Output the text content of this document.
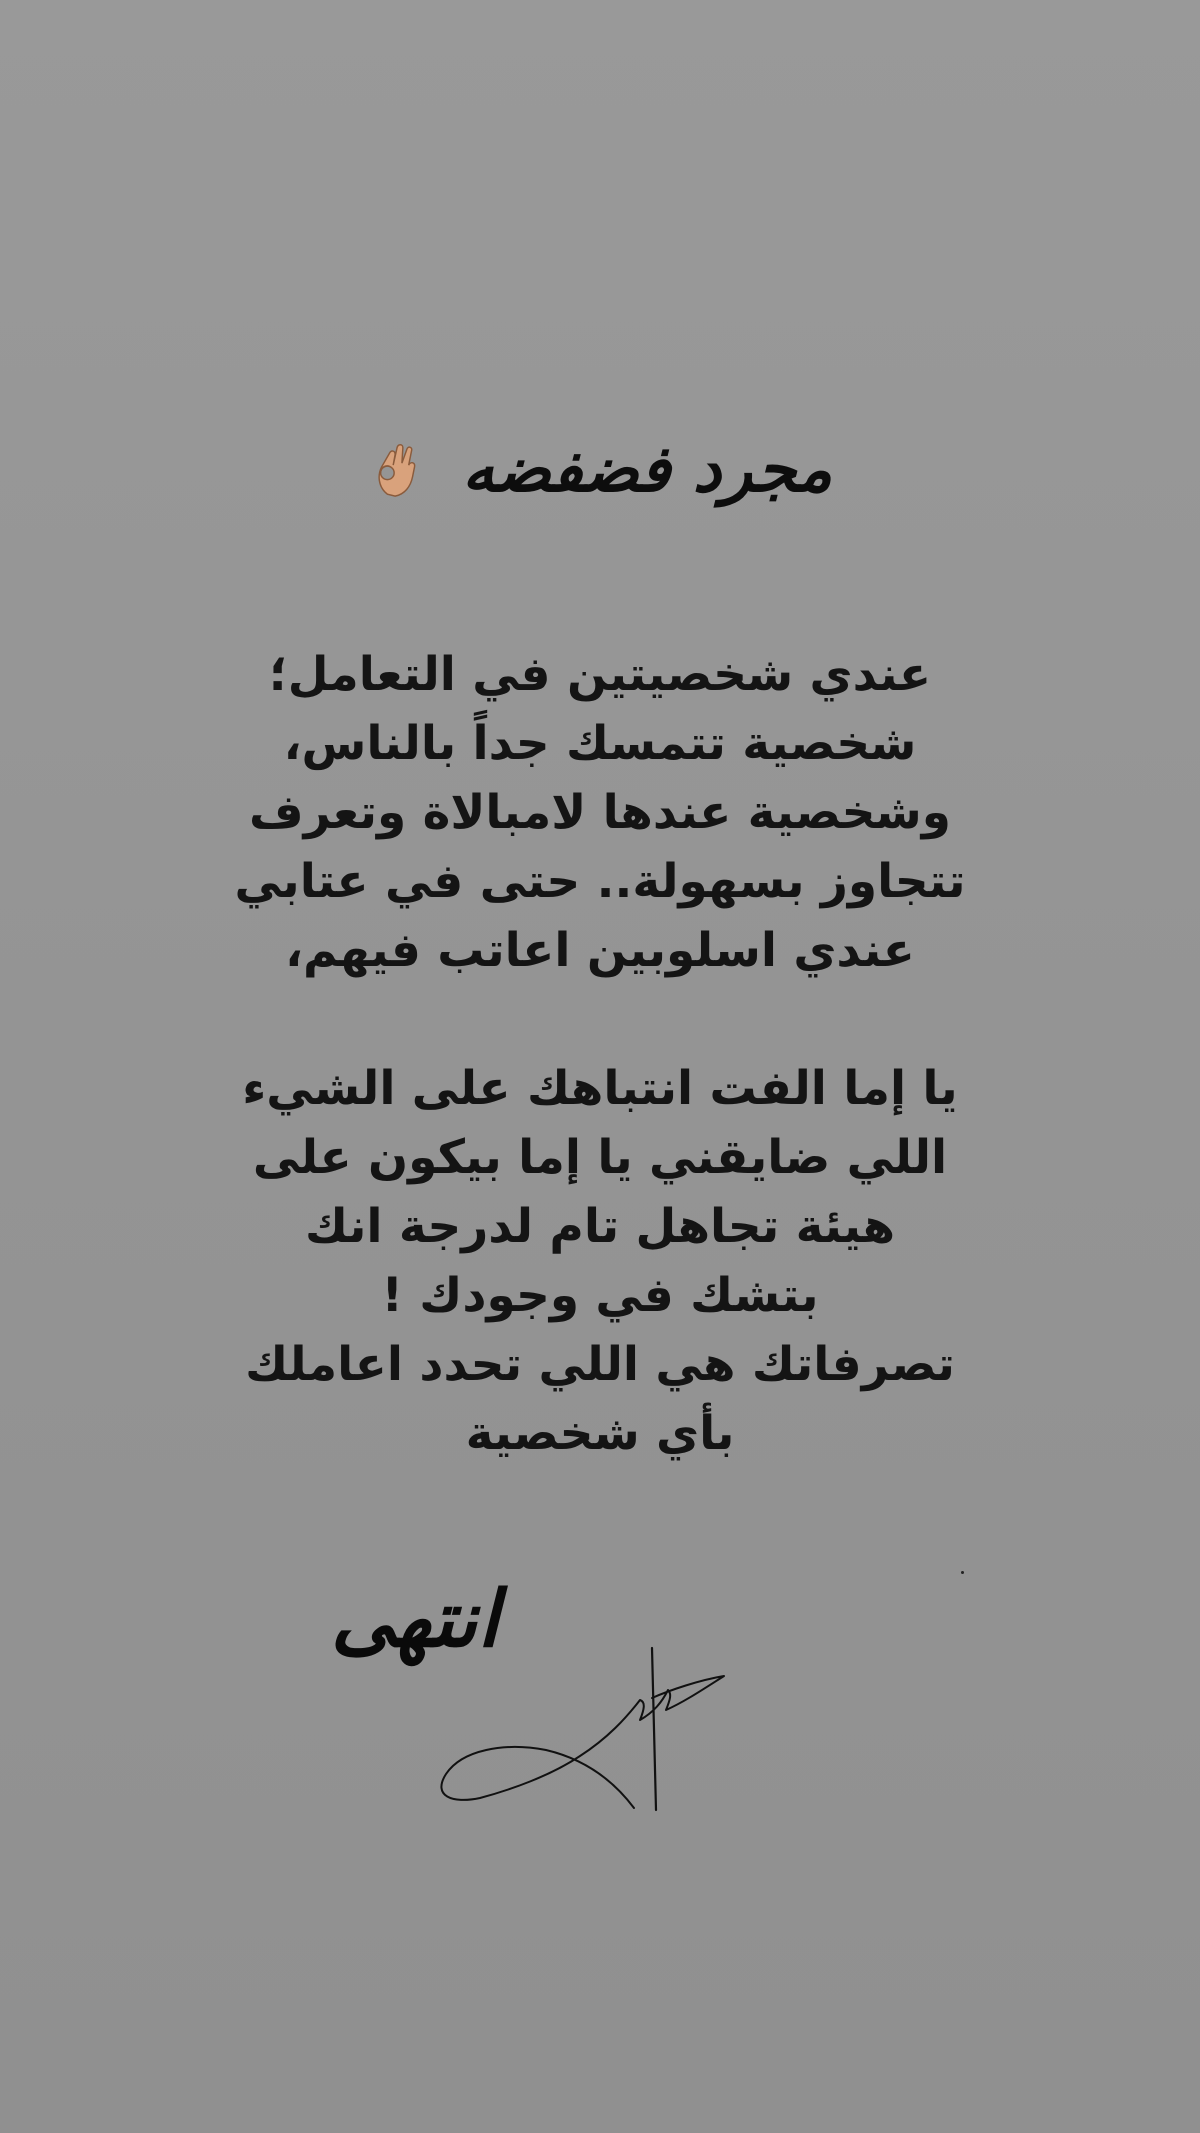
مجرد فضفضه
عندي شخصيتين في التعامل؛
شخصية تتمسك جداً بالناس،
وشخصية عندها لامبالاة وتعرف
تتجاوز بسهولة.. حتى في عتابي
عندي اسلوبين اعاتب فيهم،
يا إما الفت انتباهك على الشيء
اللي ضايقني يا إما بيكون على
هيئة تجاهل تام لدرجة انك
بتشك في وجودك !
تصرفاتك هي اللي تحدد اعاملك
بأي شخصية
انتهى
